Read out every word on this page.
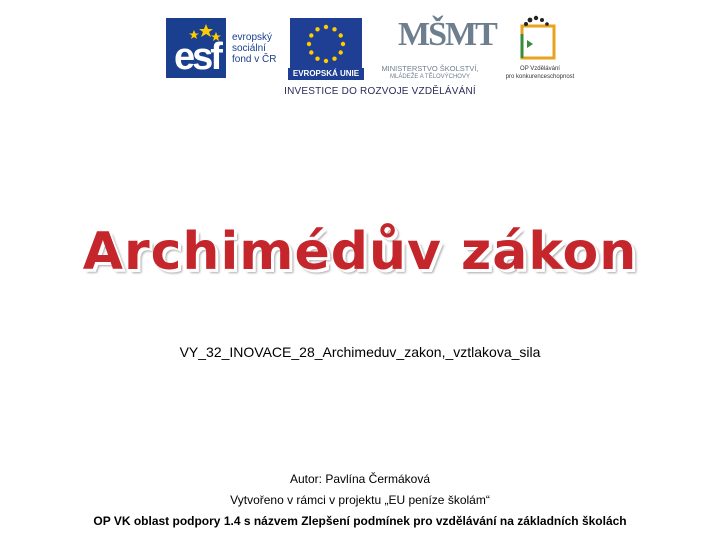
esf evropský
sociální
fond v ČR
EVROPSKÁ UNIE
MŠMT
MINISTERSTVO ŠKOLSTVÍ,
MLÁDEŽE A TĚLOVÝCHOVY
OP Vzdělávání
pro konkurenceschopnost
INVESTICE DO ROZVOJE VZDĚLÁVÁNÍ
Archimédův zákon
VY_32_INOVACE_28_Archimeduv_zakon,_vztlakova_sila
Autor: Pavlína Čermáková
Vytvořeno v rámci v projektu „EU peníze školám“
OP VK oblast podpory 1.4 s názvem Zlepšení podmínek pro vzdělávání na základních školách
